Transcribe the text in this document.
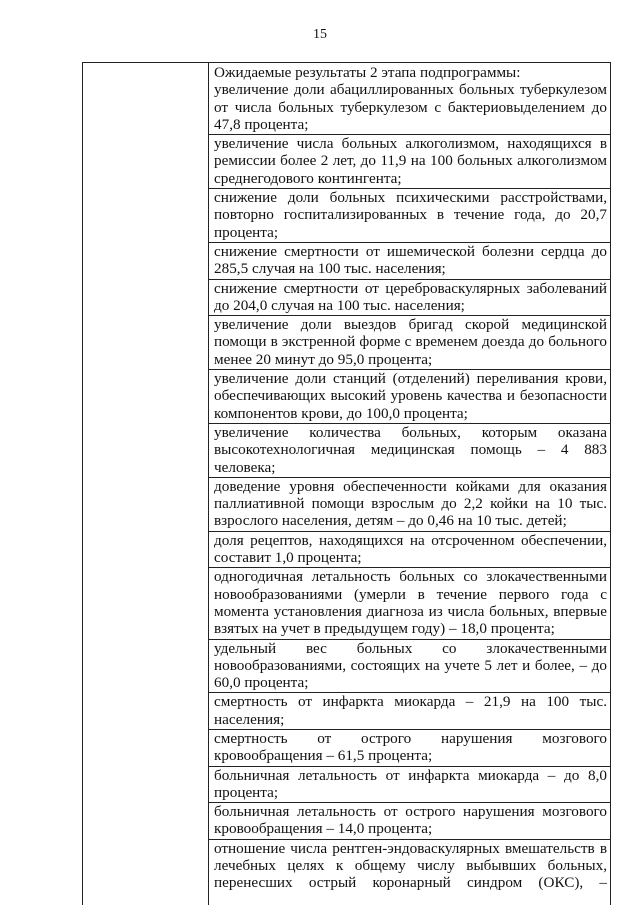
15
Ожидаемые результаты 2 этапа подпрограммы:
увеличение доли абациллированных больных туберкулезом от числа больных туберкулезом с бактериовыделением до 47,8 процента;
увеличение числа больных алкоголизмом, находящихся в ремиссии более 2 лет, до 11,9 на 100 больных алкоголизмом среднегодового контингента;
снижение доли больных психическими расстройствами, повторно госпитализированных в течение года, до 20,7 процента;
снижение смертности от ишемической болезни сердца до 285,5 случая на 100 тыс. населения;
снижение смертности от цереброваскулярных заболеваний до 204,0 случая на 100 тыс. населения;
увеличение доли выездов бригад скорой медицинской помощи в экстренной форме с временем доезда до больного менее 20 минут до 95,0 процента;
увеличение доли станций (отделений) переливания крови, обеспечивающих высокий уровень качества и безопасности компонентов крови, до 100,0 процента;
увеличение количества больных, которым оказана высокотехнологичная медицинская помощь – 4 883 человека;
доведение уровня обеспеченности койками для оказания паллиативной помощи взрослым до 2,2 койки на 10 тыс. взрослого населения, детям – до 0,46 на 10 тыс. детей;
доля рецептов, находящихся на отсроченном обеспечении, составит 1,0 процента;
одногодичная летальность больных со злокачественными новообразованиями (умерли в течение первого года с момента установления диагноза из числа больных, впервые взятых на учет в предыдущем году) – 18,0 процента;
удельный вес больных со злокачественными новообразованиями, состоящих на учете 5 лет и более, – до 60,0 процента;
смертность от инфаркта миокарда – 21,9 на 100 тыс. населения;
смертность от острого нарушения мозгового кровообращения – 61,5 процента;
больничная летальность от инфаркта миокарда – до 8,0 процента;
больничная летальность от острого нарушения мозгового кровообращения – 14,0 процента;
отношение числа рентген-эндоваскулярных вмешательств в лечебных целях к общему числу выбывших больных, перенесших острый коронарный синдром (ОКС), –
